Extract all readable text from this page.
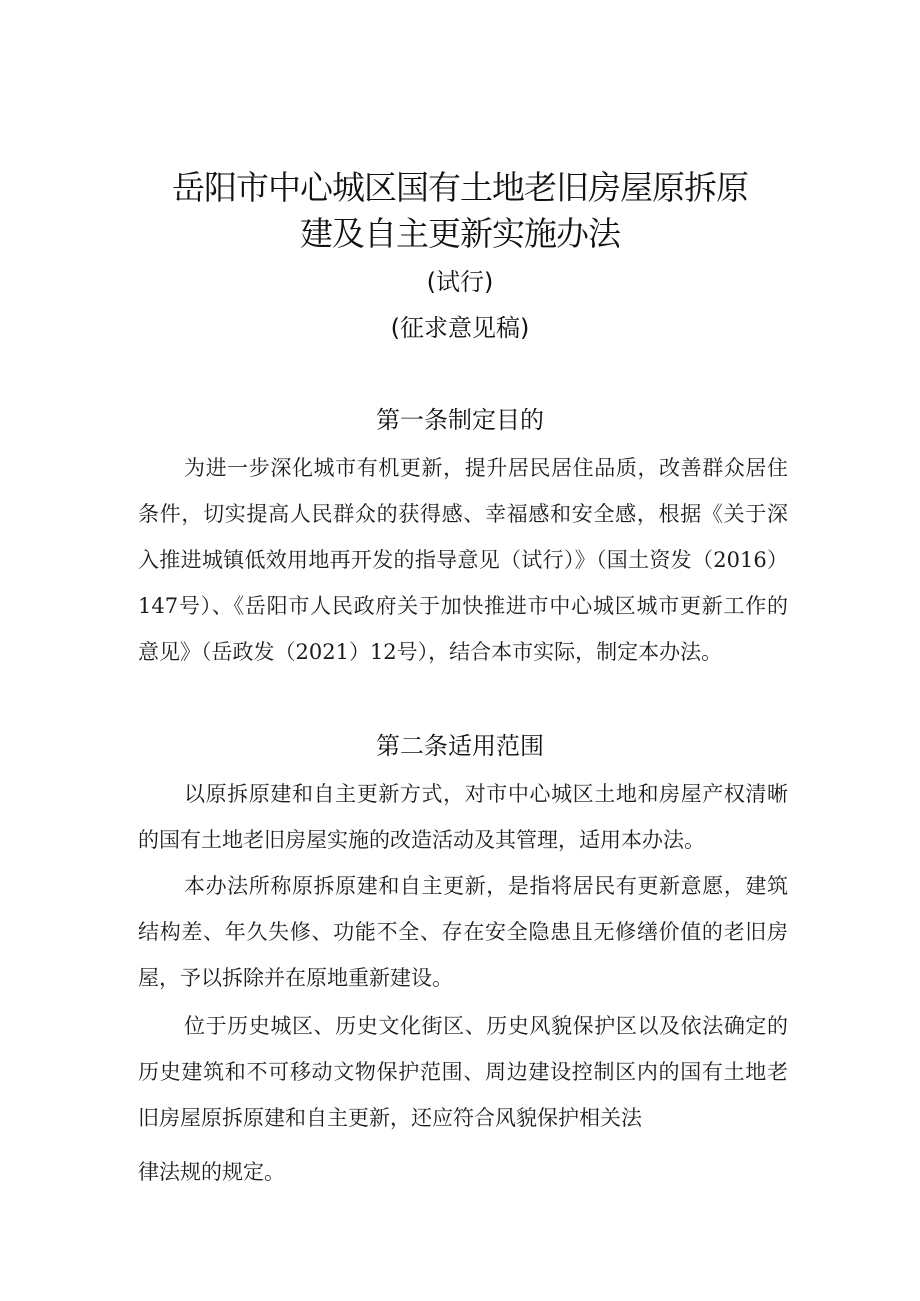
岳阳市中心城区国有土地老旧房屋原拆原
建及自主更新实施办法
(试行)
(征求意见稿)
第一条制定目的
为进一步深化城市有机更新，提升居民居住品质，改善群众居住
条件，切实提高人民群众的获得感、幸福感和安全感，根据《关于深
入推进城镇低效用地再开发的指导意见（试行）》（国土资发（2016）
147号）、《岳阳市人民政府关于加快推进市中心城区城市更新工作的
意见》（岳政发（2021）12号），结合本市实际，制定本办法。
第二条适用范围
以原拆原建和自主更新方式，对市中心城区土地和房屋产权清晰
的国有土地老旧房屋实施的改造活动及其管理，适用本办法。
本办法所称原拆原建和自主更新，是指将居民有更新意愿，建筑
结构差、年久失修、功能不全、存在安全隐患且无修缮价值的老旧房
屋，予以拆除并在原地重新建设。
位于历史城区、历史文化街区、历史风貌保护区以及依法确定的
历史建筑和不可移动文物保护范围、周边建设控制区内的国有土地老
旧房屋原拆原建和自主更新，还应符合风貌保护相关法
律法规的规定。
